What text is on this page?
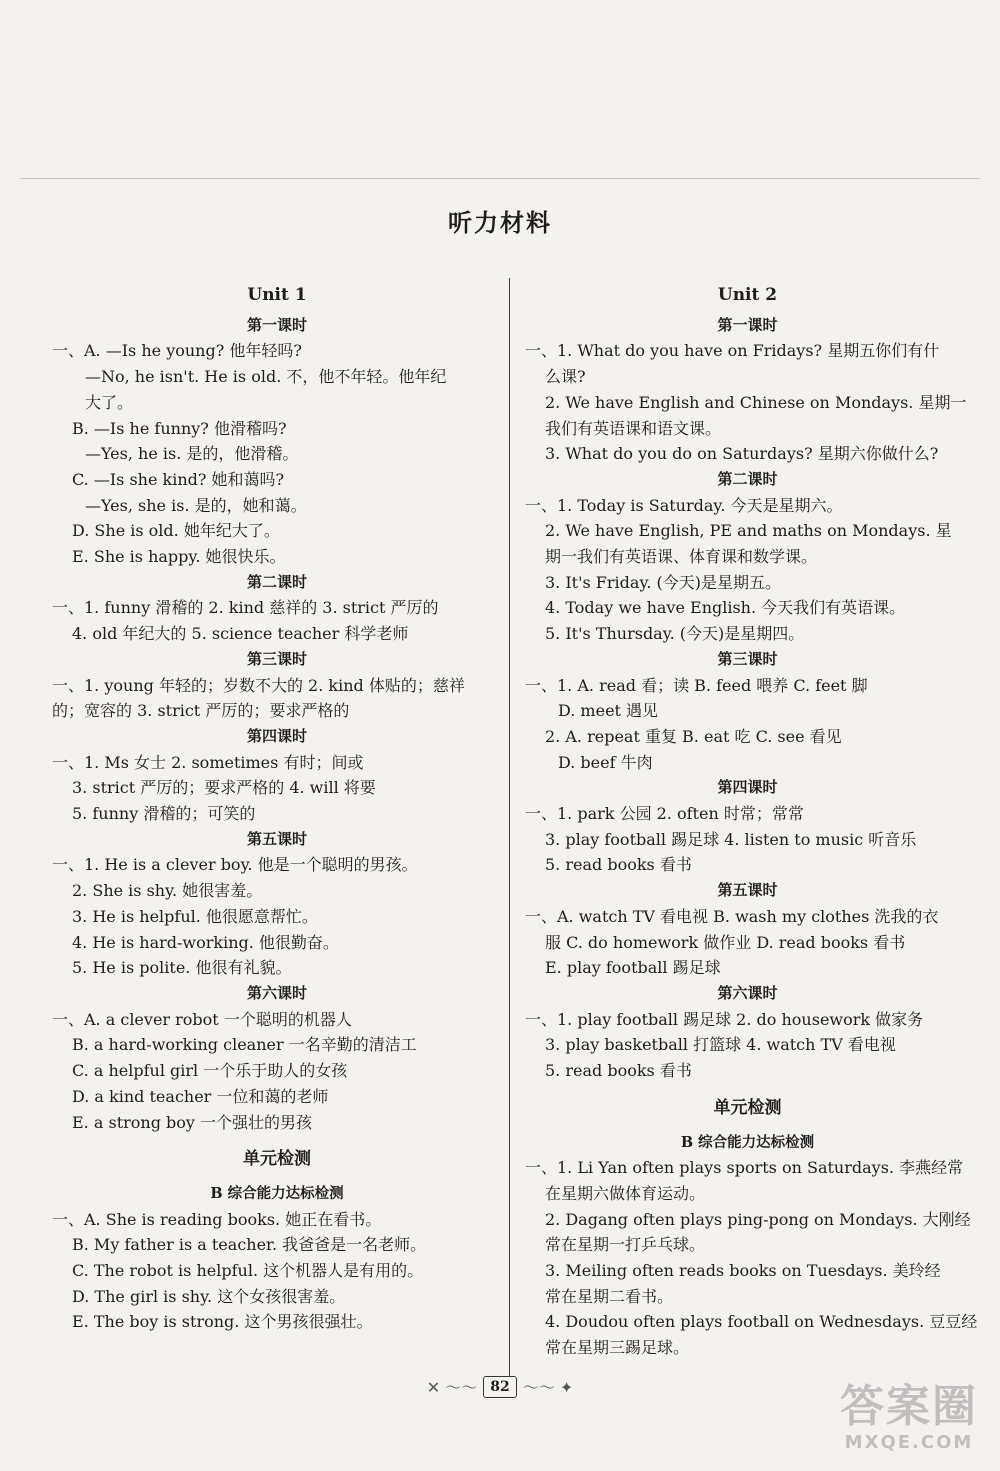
听力材料

Unit 1

第一课时

一、A. —Is he young? 他年轻吗?

—No, he isn't. He is old. 不，他不年轻。他年纪

大了。

B. —Is he funny? 他滑稽吗?

—Yes, he is. 是的，他滑稽。

C. —Is she kind? 她和蔼吗?

—Yes, she is. 是的，她和蔼。

D. She is old. 她年纪大了。

E. She is happy. 她很快乐。

第二课时

一、1. funny 滑稽的 2. kind 慈祥的 3. strict 严厉的

4. old 年纪大的 5. science teacher 科学老师

第三课时

一、1. young 年轻的；岁数不大的 2. kind 体贴的；慈祥

的；宽容的 3. strict 严厉的；要求严格的

第四课时

一、1. Ms 女士 2. sometimes 有时；间或

3. strict 严厉的；要求严格的 4. will 将要

5. funny 滑稽的；可笑的

第五课时

一、1. He is a clever boy. 他是一个聪明的男孩。

2. She is shy. 她很害羞。

3. He is helpful. 他很愿意帮忙。

4. He is hard-working. 他很勤奋。

5. He is polite. 他很有礼貌。

第六课时

一、A. a clever robot 一个聪明的机器人

B. a hard-working cleaner 一名辛勤的清洁工

C. a helpful girl 一个乐于助人的女孩

D. a kind teacher 一位和蔼的老师

E. a strong boy 一个强壮的男孩

单元检测

B 综合能力达标检测

一、A. She is reading books. 她正在看书。

B. My father is a teacher. 我爸爸是一名老师。

C. The robot is helpful. 这个机器人是有用的。

D. The girl is shy. 这个女孩很害羞。

E. The boy is strong. 这个男孩很强壮。

Unit 2

第一课时

一、1. What do you have on Fridays? 星期五你们有什

么课?

2. We have English and Chinese on Mondays. 星期一

我们有英语课和语文课。

3. What do you do on Saturdays? 星期六你做什么?

第二课时

一、1. Today is Saturday. 今天是星期六。

2. We have English, PE and maths on Mondays. 星

期一我们有英语课、体育课和数学课。

3. It's Friday. (今天)是星期五。

4. Today we have English. 今天我们有英语课。

5. It's Thursday. (今天)是星期四。

第三课时

一、1. A. read 看；读 B. feed 喂养 C. feet 脚

D. meet 遇见

2. A. repeat 重复 B. eat 吃 C. see 看见

D. beef 牛肉

第四课时

一、1. park 公园 2. often 时常；常常

3. play football 踢足球 4. listen to music 听音乐

5. read books 看书

第五课时

一、A. watch TV 看电视 B. wash my clothes 洗我的衣

服 C. do homework 做作业 D. read books 看书

E. play football 踢足球

第六课时

一、1. play football 踢足球 2. do housework 做家务

3. play basketball 打篮球 4. watch TV 看电视

5. read books 看书

单元检测

B 综合能力达标检测

一、1. Li Yan often plays sports on Saturdays. 李燕经常

在星期六做体育运动。

2. Dagang often plays ping-pong on Mondays. 大刚经

常在星期一打乒乓球。

3. Meiling often reads books on Tuesdays. 美玲经

常在星期二看书。

4. Doudou often plays football on Wednesdays. 豆豆经

常在星期三踢足球。

✕ ～～ 82 ～～ ✦	答案圈
MXQE.COM
